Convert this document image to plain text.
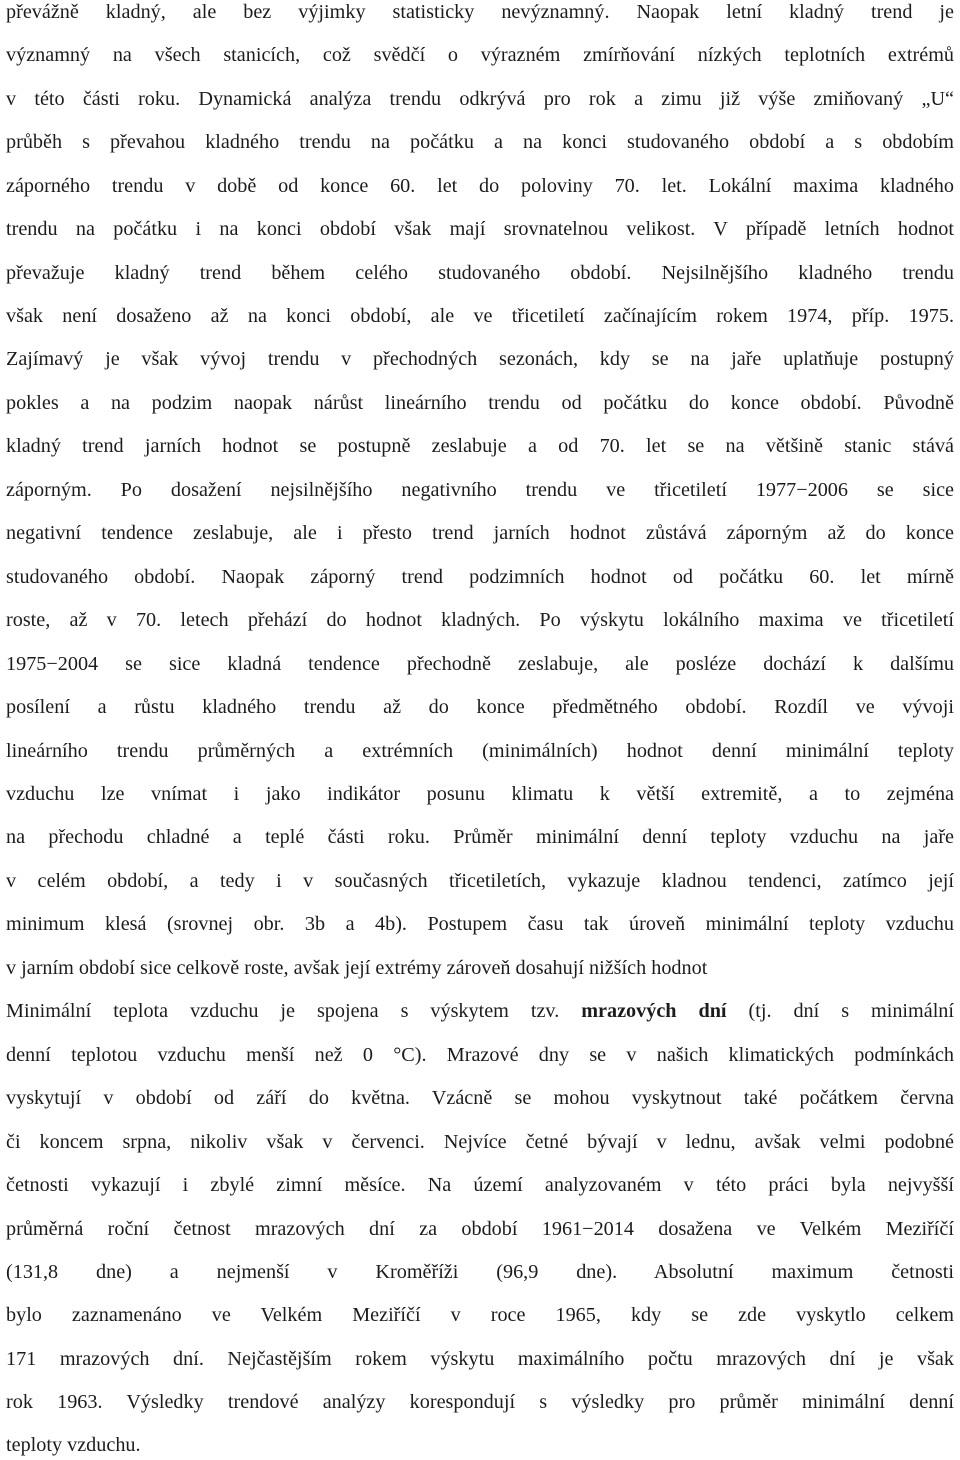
převážně kladný, ale bez výjimky statisticky nevýznamný. Naopak letní kladný trend je
významný na všech stanicích, což svědčí o výrazném zmírňování nízkých teplotních extrémů
v této části roku. Dynamická analýza trendu odkrývá pro rok a zimu již výše zmiňovaný „U“
průběh s převahou kladného trendu na počátku a na konci studovaného období a s obdobím
záporného trendu v době od konce 60. let do poloviny 70. let. Lokální maxima kladného
trendu na počátku i na konci období však mají srovnatelnou velikost. V případě letních hodnot
převažuje kladný trend během celého studovaného období. Nejsilnějšího kladného trendu
však není dosaženo až na konci období, ale ve třicetiletí začínajícím rokem 1974, příp. 1975.
Zajímavý je však vývoj trendu v přechodných sezonách, kdy se na jaře uplatňuje postupný
pokles a na podzim naopak nárůst lineárního trendu od počátku do konce období. Původně
kladný trend jarních hodnot se postupně zeslabuje a od 70. let se na většině stanic stává
záporným. Po dosažení nejsilnějšího negativního trendu ve třicetiletí 1977−2006 se sice
negativní tendence zeslabuje, ale i přesto trend jarních hodnot zůstává záporným až do konce
studovaného období. Naopak záporný trend podzimních hodnot od počátku 60. let mírně
roste, až v 70. letech přehází do hodnot kladných. Po výskytu lokálního maxima ve třicetiletí
1975−2004 se sice kladná tendence přechodně zeslabuje, ale posléze dochází k dalšímu
posílení a růstu kladného trendu až do konce předmětného období. Rozdíl ve vývoji
lineárního trendu průměrných a extrémních (minimálních) hodnot denní minimální teploty
vzduchu lze vnímat i jako indikátor posunu klimatu k větší extremitě, a to zejména
na přechodu chladné a teplé části roku. Průměr minimální denní teploty vzduchu na jaře
v celém období, a tedy i v současných třicetiletích, vykazuje kladnou tendenci, zatímco její
minimum klesá (srovnej obr. 3b a 4b). Postupem času tak úroveň minimální teploty vzduchu
v jarním období sice celkově roste, avšak její extrémy zároveň dosahují nižších hodnot
Minimální teplota vzduchu je spojena s výskytem tzv. mrazových dní (tj. dní s minimální
denní teplotou vzduchu menší než 0 °C). Mrazové dny se v našich klimatických podmínkách
vyskytují v období od září do května. Vzácně se mohou vyskytnout také počátkem června
či koncem srpna, nikoliv však v červenci. Nejvíce četné bývají v lednu, avšak velmi podobné
četnosti vykazují i zbylé zimní měsíce. Na území analyzovaném v této práci byla nejvyšší
průměrná roční četnost mrazových dní za období 1961−2014 dosažena ve Velkém Meziříčí
(131,8 dne) a nejmenší v Kroměříži (96,9 dne). Absolutní maximum četnosti
bylo zaznamenáno ve Velkém Meziříčí v roce 1965, kdy se zde vyskytlo celkem
171 mrazových dní. Nejčastějším rokem výskytu maximálního počtu mrazových dní je však
rok 1963. Výsledky trendové analýzy korespondují s výsledky pro průměr minimální denní
teploty vzduchu.
